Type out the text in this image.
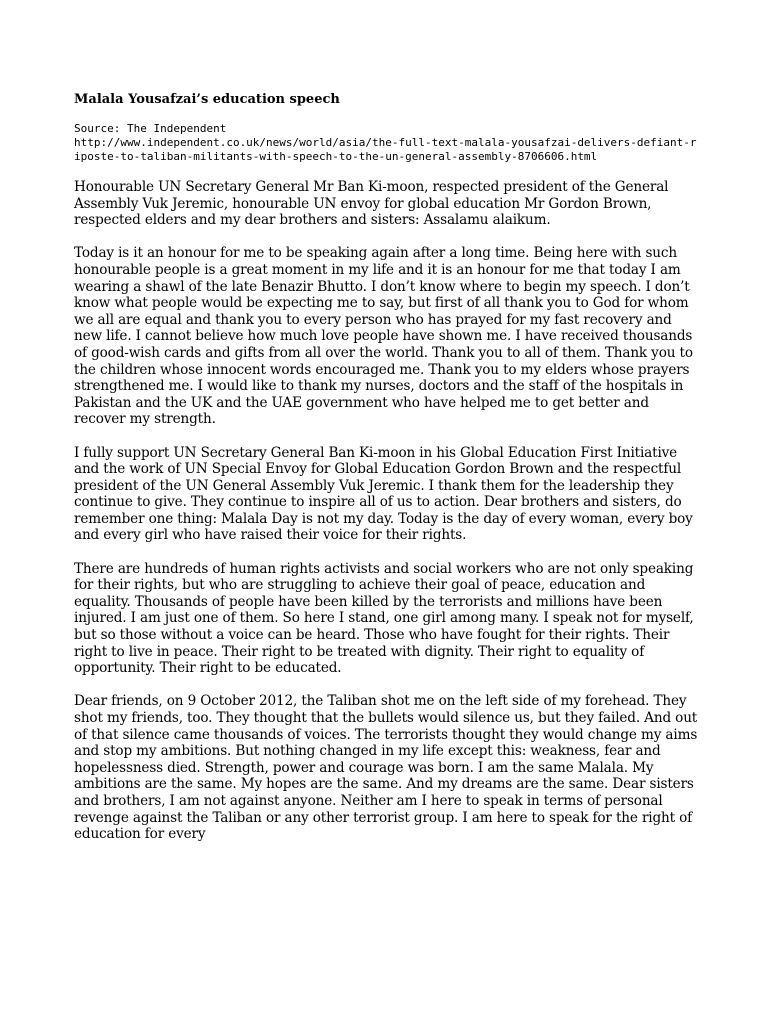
Malala Yousafzai’s education speech
Source: The Independent
http://www.independent.co.uk/news/world/asia/the-full-text-malala-yousafzai-delivers-defiant-riposte-to-taliban-militants-with-speech-to-the-un-general-assembly-8706606.html

Honourable UN Secretary General Mr Ban Ki-moon, respected president of the General Assembly Vuk Jeremic, honourable UN envoy for global education Mr Gordon Brown, respected elders and my dear brothers and sisters: Assalamu alaikum.

Today is it an honour for me to be speaking again after a long time. Being here with such honourable people is a great moment in my life and it is an honour for me that today I am wearing a shawl of the late Benazir Bhutto. I don’t know where to begin my speech. I don’t know what people would be expecting me to say, but first of all thank you to God for whom we all are equal and thank you to every person who has prayed for my fast recovery and new life. I cannot believe how much love people have shown me. I have received thousands of good-wish cards and gifts from all over the world. Thank you to all of them. Thank you to the children whose innocent words encouraged me. Thank you to my elders whose prayers strengthened me. I would like to thank my nurses, doctors and the staff of the hospitals in Pakistan and the UK and the UAE government who have helped me to get better and recover my strength.

I fully support UN Secretary General Ban Ki-moon in his Global Education First Initiative and the work of UN Special Envoy for Global Education Gordon Brown and the respectful president of the UN General Assembly Vuk Jeremic. I thank them for the leadership they continue to give. They continue to inspire all of us to action. Dear brothers and sisters, do remember one thing: Malala Day is not my day. Today is the day of every woman, every boy and every girl who have raised their voice for their rights.

There are hundreds of human rights activists and social workers who are not only speaking for their rights, but who are struggling to achieve their goal of peace, education and equality. Thousands of people have been killed by the terrorists and millions have been injured. I am just one of them. So here I stand, one girl among many. I speak not for myself, but so those without a voice can be heard. Those who have fought for their rights. Their right to live in peace. Their right to be treated with dignity. Their right to equality of opportunity. Their right to be educated.

Dear friends, on 9 October 2012, the Taliban shot me on the left side of my forehead. They shot my friends, too. They thought that the bullets would silence us, but they failed. And out of that silence came thousands of voices. The terrorists thought they would change my aims and stop my ambitions. But nothing changed in my life except this: weakness, fear and hopelessness died. Strength, power and courage was born. I am the same Malala. My ambitions are the same. My hopes are the same. And my dreams are the same. Dear sisters and brothers, I am not against anyone. Neither am I here to speak in terms of personal revenge against the Taliban or any other terrorist group. I am here to speak for the right of education for every
